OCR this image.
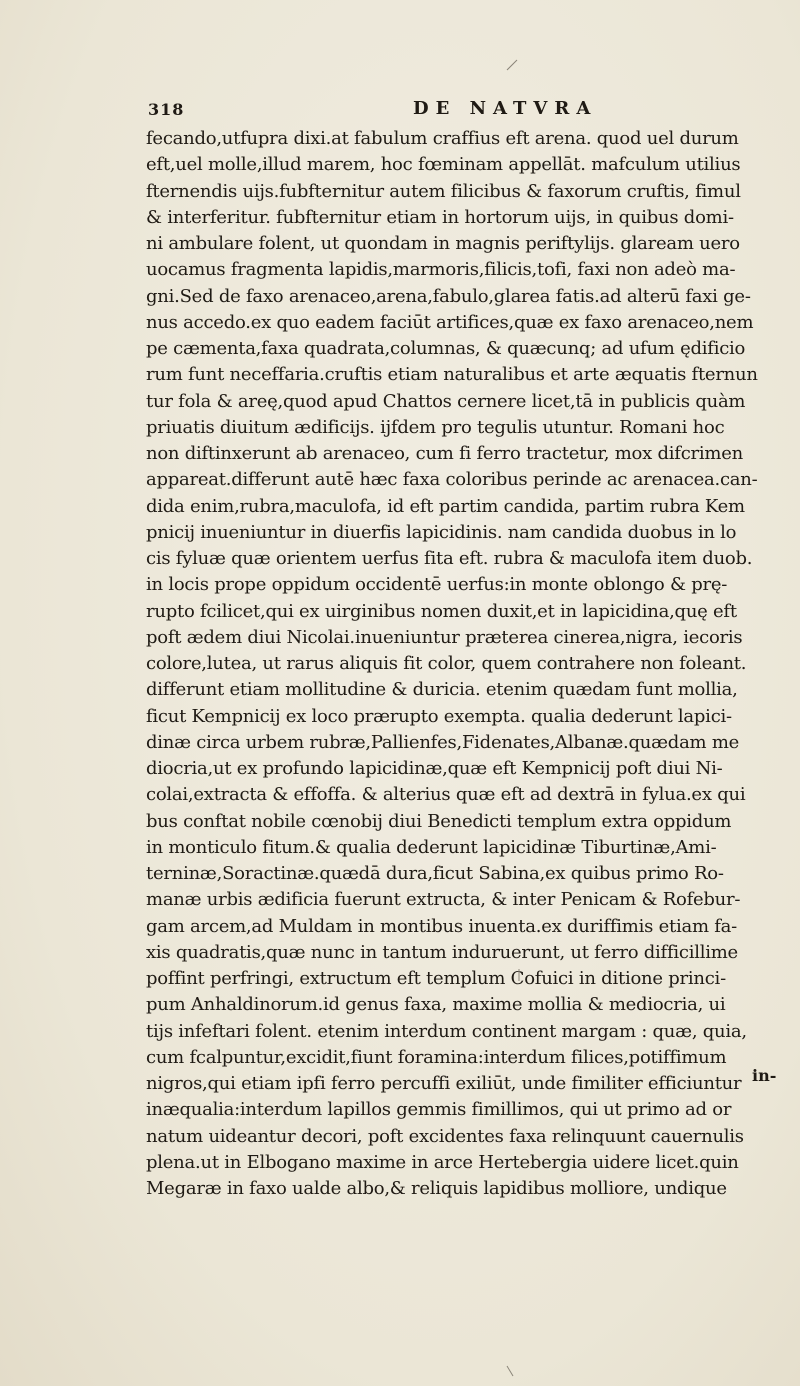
318	DE NATVRA
fecando,utfupra dixi.at fabulum craffius eft arena. quod uel durum
eft,uel molle,illud marem, hoc fœminam appellāt. mafculum utilius
fternendis uijs.fubfternitur autem filicibus & faxorum cruftis, fimul
& interferitur. fubfternitur etiam in hortorum uijs, in quibus domi-
ni ambulare folent, ut quondam in magnis periftylijs. glaream uero
uocamus fragmenta lapidis,marmoris,filicis,tofi, faxi non adeò ma-
gni.Sed de faxo arenaceo,arena,fabulo,glarea fatis.ad alterū faxi ge-
nus accedo.ex quo eadem faciūt artifices,quæ ex faxo arenaceo,nem
pe cæmenta,faxa quadrata,columnas, & quæcunq; ad ufum ędificio
rum funt neceffaria.cruftis etiam naturalibus et arte æquatis fternun
tur fola & areę,quod apud Chattos cernere licet,tā in publicis quàm
priuatis diuitum ædificijs. ijfdem pro tegulis utuntur. Romani hoc
non diftinxerunt ab arenaceo, cum fi ferro tractetur, mox difcrimen
appareat.differunt autē hæc faxa coloribus perinde ac arenacea.can-
dida enim,rubra,maculofa, id eft partim candida, partim rubra Kem
pnicij inueniuntur in diuerfis lapicidinis. nam candida duobus in lo
cis fyluæ quæ orientem uerfus fita eft. rubra & maculofa item duob.
in locis prope oppidum occidentē uerfus:in monte oblongo & prę-
rupto fcilicet,qui ex uirginibus nomen duxit,et in lapicidina,quę eft
poft ædem diui Nicolai.inueniuntur præterea cinerea,nigra, iecoris
colore,lutea, ut rarus aliquis fit color, quem contrahere non foleant.
differunt etiam mollitudine & duricia. etenim quædam funt mollia,
ficut Kempnicij ex loco prærupto exempta. qualia dederunt lapici-
dinæ circa urbem rubræ,Pallienfes,Fidenates,Albanæ.quædam me
diocria,ut ex profundo lapicidinæ,quæ eft Kempnicij poft diui Ni-
colai,extracta & effoffa. & alterius quæ eft ad dextrā in fylua.ex qui
bus conftat nobile cœnobij diui Benedicti templum extra oppidum
in monticulo fitum.& qualia dederunt lapicidinæ Tiburtinæ,Ami-
terninæ,Soractinæ.quædā dura,ficut Sabina,ex quibus primo Ro-
manæ urbis ædificia fuerunt extructa, & inter Penicam & Rofebur-
gam arcem,ad Muldam in montibus inuenta.ex duriffimis etiam fa-
xis quadratis,quæ nunc in tantum induruerunt, ut ferro difficillime
poffint perfringi, extructum eft templum Cofuici in ditione princi-
pum Anhaldinorum.id genus faxa, maxime mollia & mediocria, ui
tijs infeftari folent. etenim interdum continent margam : quæ, quia,
cum fcalpuntur,excidit,fiunt foramina:interdum filices,potiffimum
nigros,qui etiam ipfi ferro percuffi exiliūt, unde fimiliter efficiuntur
inæqualia:interdum lapillos gemmis fimillimos, qui ut primo ad or
natum uideantur decori, poft excidentes faxa relinquunt cauernulis
plena.ut in Elbogano maxime in arce Hertebergia uidere licet.quin
Megaræ in faxo ualde albo,& reliquis lapidibus molliore, undique
in-
